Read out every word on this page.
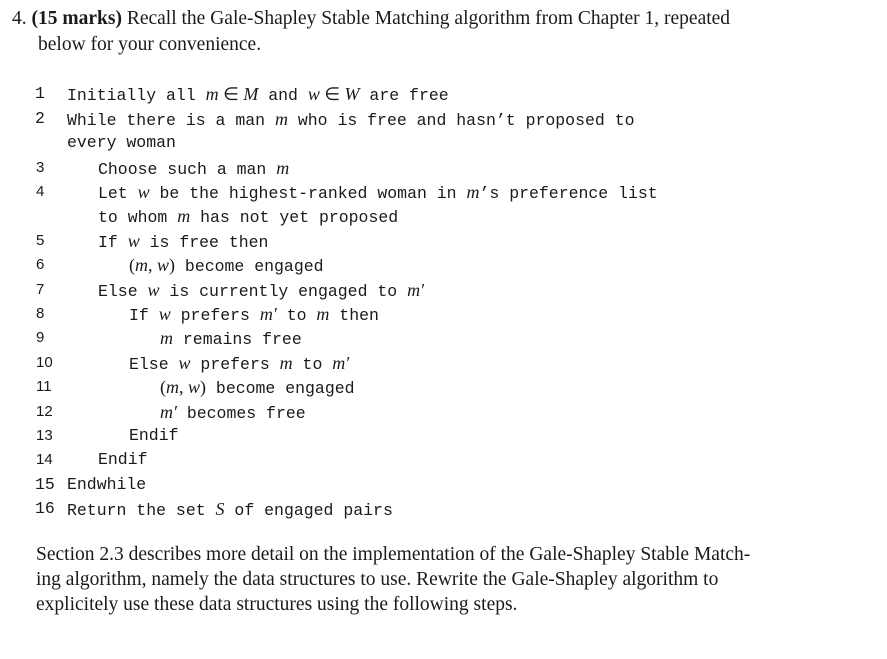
4. (15 marks) Recall the Gale-Shapley Stable Matching algorithm from Chapter 1, repeated
below for your convenience.
1 Initially all m ∈ M and w ∈ W are free
2 While there is a man m who is free and hasn’t proposed to
every woman
3	Choose such a man m
4	Let w be the highest-ranked woman in m’s preference list
to whom m has not yet proposed
5	If w is free then
6	(m, w) become engaged
7	Else w is currently engaged to m′
8	If w prefers m′ to m then
9	m remains free
10	Else w prefers m to m′
11	(m, w) become engaged
12	m′ becomes free
13	Endif
14	Endif
15 Endwhile
16 Return the set S of engaged pairs
Section 2.3 describes more detail on the implementation of the Gale-Shapley Stable Match-
ing algorithm, namely the data structures to use. Rewrite the Gale-Shapley algorithm to
explicitely use these data structures using the following steps.
